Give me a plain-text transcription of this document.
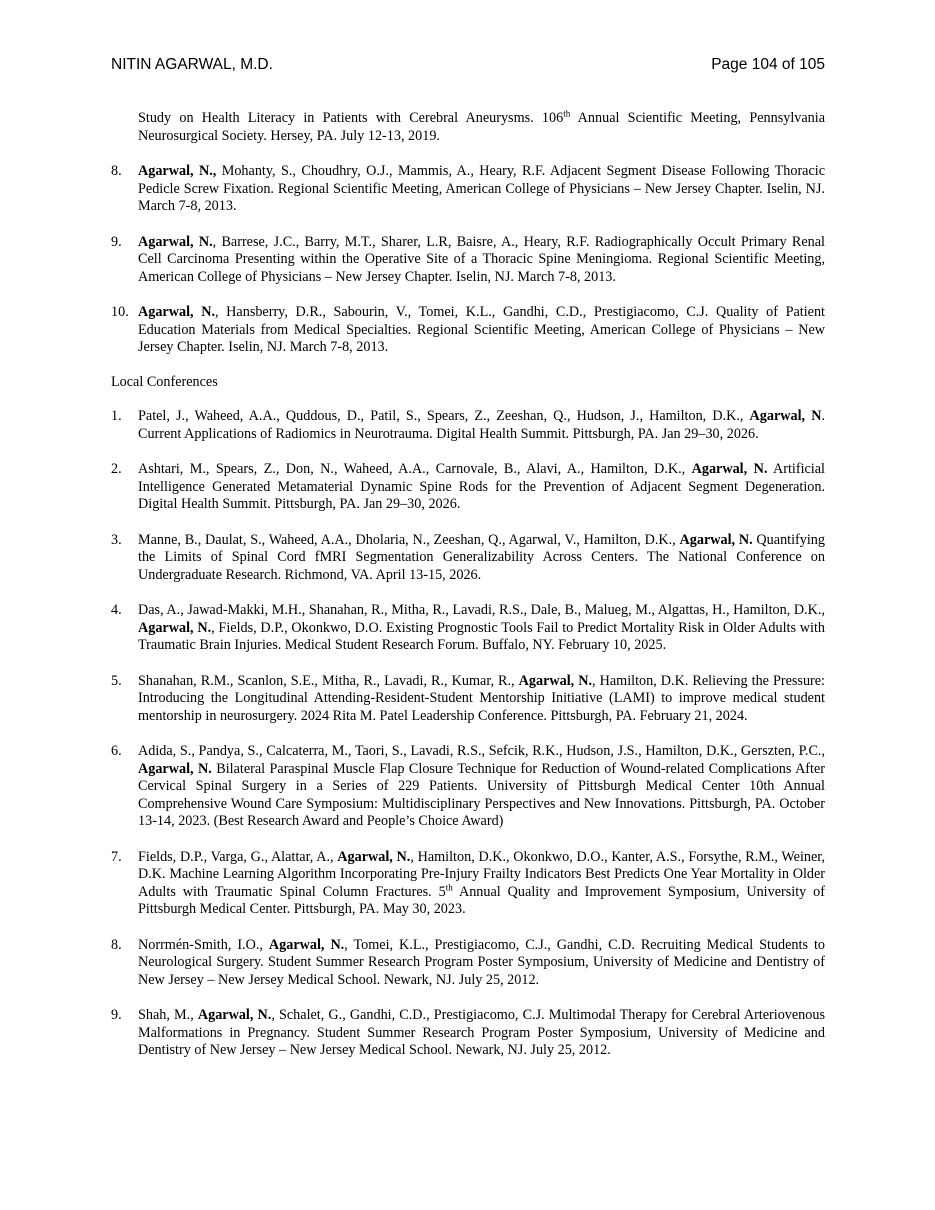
NITIN AGARWAL, M.D.	Page 104 of 105
Study on Health Literacy in Patients with Cerebral Aneurysms. 106th Annual Scientific Meeting, Pennsylvania Neurosurgical Society. Hersey, PA. July 12-13, 2019.
8.	Agarwal, N., Mohanty, S., Choudhry, O.J., Mammis, A., Heary, R.F. Adjacent Segment Disease Following Thoracic Pedicle Screw Fixation. Regional Scientific Meeting, American College of Physicians – New Jersey Chapter. Iselin, NJ. March 7-8, 2013.
9.	Agarwal, N., Barrese, J.C., Barry, M.T., Sharer, L.R, Baisre, A., Heary, R.F. Radiographically Occult Primary Renal Cell Carcinoma Presenting within the Operative Site of a Thoracic Spine Meningioma. Regional Scientific Meeting, American College of Physicians – New Jersey Chapter. Iselin, NJ. March 7-8, 2013.
10. Agarwal, N., Hansberry, D.R., Sabourin, V., Tomei, K.L., Gandhi, C.D., Prestigiacomo, C.J. Quality of Patient Education Materials from Medical Specialties. Regional Scientific Meeting, American College of Physicians – New Jersey Chapter. Iselin, NJ. March 7-8, 2013.
Local Conferences
1.	Patel, J., Waheed, A.A., Quddous, D., Patil, S., Spears, Z., Zeeshan, Q., Hudson, J., Hamilton, D.K., Agarwal, N. Current Applications of Radiomics in Neurotrauma. Digital Health Summit. Pittsburgh, PA. Jan 29–30, 2026.
2.	Ashtari, M., Spears, Z., Don, N., Waheed, A.A., Carnovale, B., Alavi, A., Hamilton, D.K., Agarwal, N. Artificial Intelligence Generated Metamaterial Dynamic Spine Rods for the Prevention of Adjacent Segment Degeneration. Digital Health Summit. Pittsburgh, PA. Jan 29–30, 2026.
3.	Manne, B., Daulat, S., Waheed, A.A., Dholaria, N., Zeeshan, Q., Agarwal, V., Hamilton, D.K., Agarwal, N. Quantifying the Limits of Spinal Cord fMRI Segmentation Generalizability Across Centers. The National Conference on Undergraduate Research. Richmond, VA. April 13-15, 2026.
4.	Das, A., Jawad-Makki, M.H., Shanahan, R., Mitha, R., Lavadi, R.S., Dale, B., Malueg, M., Algattas, H., Hamilton, D.K., Agarwal, N., Fields, D.P., Okonkwo, D.O. Existing Prognostic Tools Fail to Predict Mortality Risk in Older Adults with Traumatic Brain Injuries. Medical Student Research Forum. Buffalo, NY. February 10, 2025.
5.	Shanahan, R.M., Scanlon, S.E., Mitha, R., Lavadi, R., Kumar, R., Agarwal, N., Hamilton, D.K. Relieving the Pressure: Introducing the Longitudinal Attending-Resident-Student Mentorship Initiative (LAMI) to improve medical student mentorship in neurosurgery. 2024 Rita M. Patel Leadership Conference. Pittsburgh, PA. February 21, 2024.
6.	Adida, S., Pandya, S., Calcaterra, M., Taori, S., Lavadi, R.S., Sefcik, R.K., Hudson, J.S., Hamilton, D.K., Gerszten, P.C., Agarwal, N. Bilateral Paraspinal Muscle Flap Closure Technique for Reduction of Wound-related Complications After Cervical Spinal Surgery in a Series of 229 Patients. University of Pittsburgh Medical Center 10th Annual Comprehensive Wound Care Symposium: Multidisciplinary Perspectives and New Innovations. Pittsburgh, PA. October 13-14, 2023. (Best Research Award and People’s Choice Award)
7.	Fields, D.P., Varga, G., Alattar, A., Agarwal, N., Hamilton, D.K., Okonkwo, D.O., Kanter, A.S., Forsythe, R.M., Weiner, D.K. Machine Learning Algorithm Incorporating Pre-Injury Frailty Indicators Best Predicts One Year Mortality in Older Adults with Traumatic Spinal Column Fractures. 5th Annual Quality and Improvement Symposium, University of Pittsburgh Medical Center. Pittsburgh, PA. May 30, 2023.
8.	Norrmén-Smith, I.O., Agarwal, N., Tomei, K.L., Prestigiacomo, C.J., Gandhi, C.D. Recruiting Medical Students to Neurological Surgery. Student Summer Research Program Poster Symposium, University of Medicine and Dentistry of New Jersey – New Jersey Medical School. Newark, NJ. July 25, 2012.
9.	Shah, M., Agarwal, N., Schalet, G., Gandhi, C.D., Prestigiacomo, C.J. Multimodal Therapy for Cerebral Arteriovenous Malformations in Pregnancy. Student Summer Research Program Poster Symposium, University of Medicine and Dentistry of New Jersey – New Jersey Medical School. Newark, NJ. July 25, 2012.
